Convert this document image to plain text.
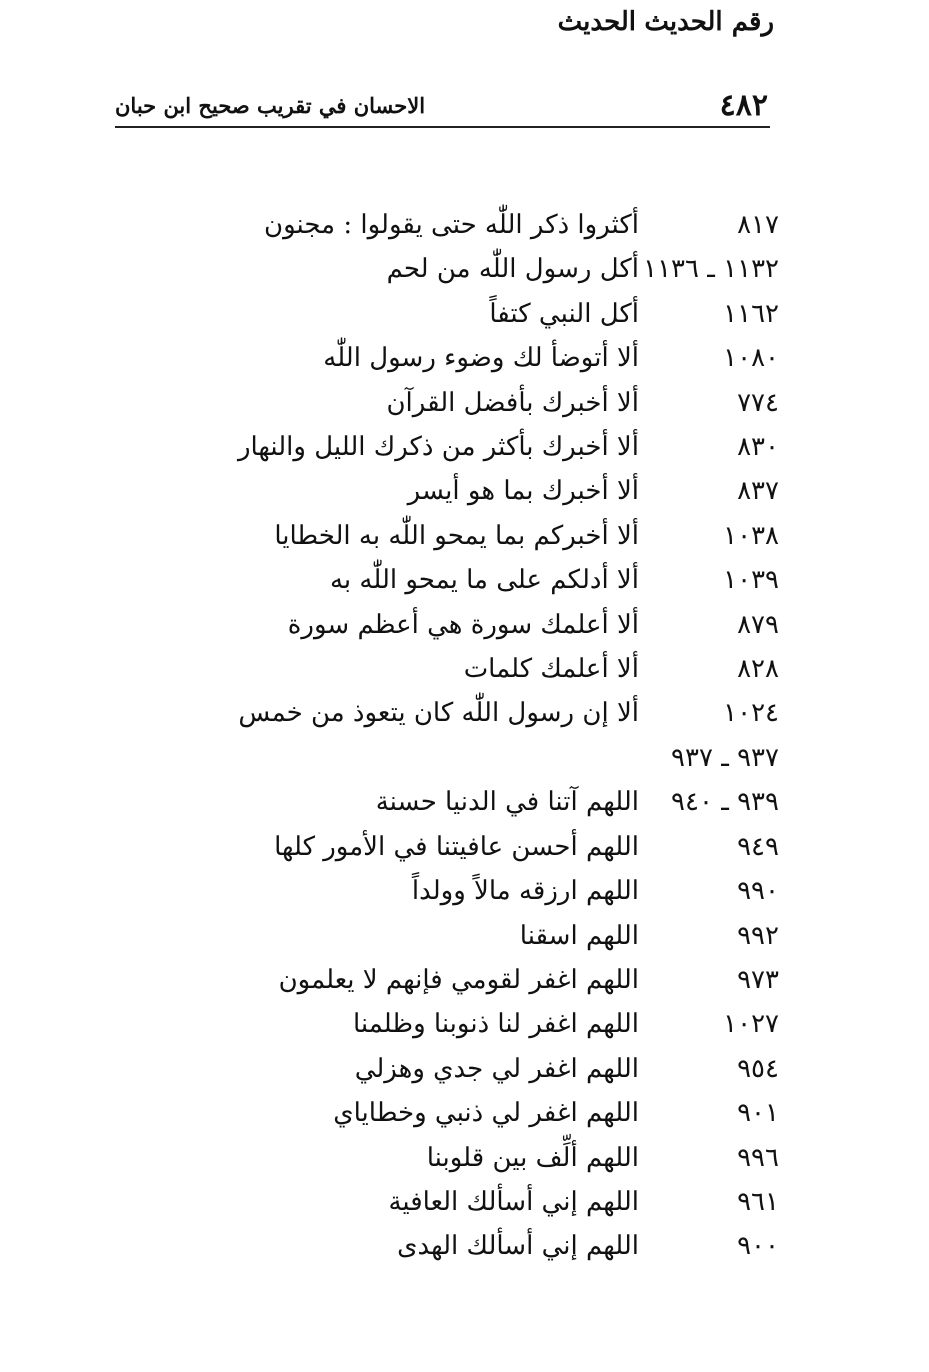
٤٨٢
الاحسان في تقريب صحيح ابن حبان
رقم الحديث
الحديث
٨١٧
أكثروا ذكر اللّٰه حتى يقولوا : مجنون
١١٣٢ ـ ١١٣٦
أكل رسول اللّٰه من لحم
١١٦٢
أكل النبي كتفاً
١٠٨٠
ألا أتوضأ لك وضوء رسول اللّٰه
٧٧٤
ألا أخبرك بأفضل القرآن
٨٣٠
ألا أخبرك بأكثر من ذكرك الليل والنهار
٨٣٧
ألا أخبرك بما هو أيسر
١٠٣٨
ألا أخبركم بما يمحو اللّٰه به الخطايا
١٠٣٩
ألا أدلكم على ما يمحو اللّٰه به
٨٧٩
ألا أعلمك سورة هي أعظم سورة
٨٢٨
ألا أعلمك كلمات
١٠٢٤
ألا إن رسول اللّٰه كان يتعوذ من خمس
٩٣٧ ـ ٩٣٧
٩٣٩ ـ ٩٤٠
اللهم آتنا في الدنيا حسنة
٩٤٩
اللهم أحسن عافيتنا في الأمور كلها
٩٩٠
اللهم ارزقه مالاً وولداً
٩٩٢
اللهم اسقنا
٩٧٣
اللهم اغفر لقومي فإنهم لا يعلمون
١٠٢٧
اللهم اغفر لنا ذنوبنا وظلمنا
٩٥٤
اللهم اغفر لي جدي وهزلي
٩٠١
اللهم اغفر لي ذنبي وخطاياي
٩٩٦
اللهم ألِّف بين قلوبنا
٩٦١
اللهم إني أسألك العافية
٩٠٠
اللهم إني أسألك الهدى
